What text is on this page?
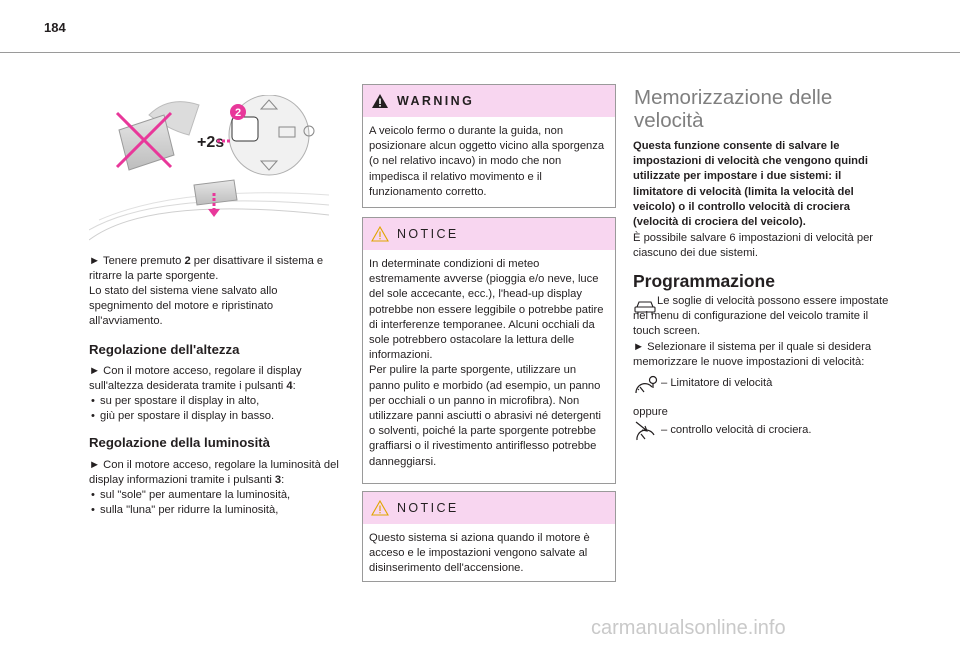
184
2
+2s

► Tenere premuto 2 per disattivare il sistema e
ritrarre la parte sporgente.

Lo stato del sistema viene salvato allo spegnimento del motore e ripristinato all'avviamento.

Regolazione dell'altezza

► Con il motore acceso, regolare il display sull'altezza desiderata tramite i pulsanti 4:

• su per spostare il display in alto,
• giù per spostare il display in basso.
Regolazione della luminosità

► Con il motore acceso, regolare la luminosità del display informazioni tramite i pulsanti 3:

• sul "sole" per aumentare la luminosità,
• sulla "luna" per ridurre la luminosità,
WARNING

A veicolo fermo o durante la guida, non posizionare alcun oggetto vicino alla sporgenza (o nel relativo incavo) in modo che non impedisca il relativo movimento e il funzionamento corretto.

NOTICE

In determinate condizioni di meteo estremamente avverse (pioggia e/o neve, luce del sole accecante, ecc.), l'head-up display potrebbe non essere leggibile o potrebbe patire di interferenze temporanee. Alcuni occhiali da sole potrebbero ostacolare la lettura delle informazioni.

Per pulire la parte sporgente, utilizzare un panno pulito e morbido (ad esempio, un panno per occhiali o un panno in microfibra). Non utilizzare panni asciutti o abrasivi né detergenti o solventi, poiché la parte sporgente potrebbe graffiarsi o il rivestimento antiriflesso potrebbe danneggiarsi.

NOTICE

Questo sistema si aziona quando il motore è acceso e le impostazioni vengono salvate al disinserimento dell'accensione.

Memorizzazione delle
velocità

Questa funzione consente di salvare le impostazioni di velocità che vengono quindi utilizzate per impostare i due sistemi: il limitatore di velocità (limita la velocità del veicolo) o il controllo velocità di crociera (velocità di crociera del veicolo).

È possibile salvare 6 impostazioni di velocità per ciascuno dei due sistemi.

Programmazione

Le soglie di velocità possono essere impostate nel menu di configurazione del veicolo tramite il touch screen.

► Selezionare il sistema per il quale si desidera memorizzare le nuove impostazioni di velocità:

– Limitatore di velocità

oppure

– controllo velocità di crociera.

carmanualsonline.info
